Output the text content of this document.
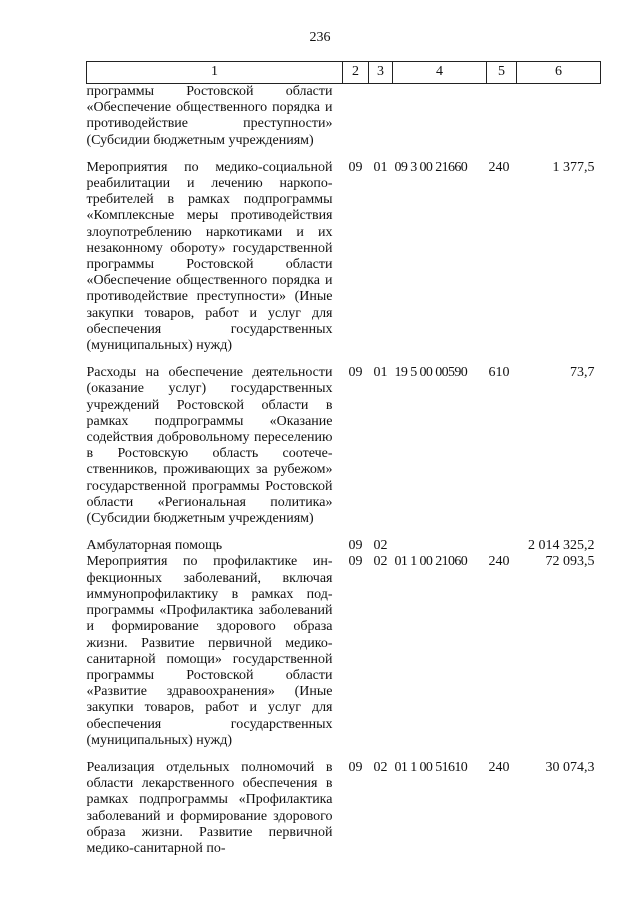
236
1	2	3	4	5	6
программы Ростовской области «Обеспечение общественного порядка и противодействие преступности» (Субсидии бюджетным учреждениям)					
Мероприятия по медико-социальной реабилитации и лечению наркопотребителей в рамках подпрограммы «Комплексные меры противодействия злоупотреблению наркотиками и их незаконному обороту» государственной программы Ростовской области «Обеспечение общественного порядка и противодействие преступности» (Иные закупки товаров, работ и услуг для обеспечения государственных (муниципальных) нужд)	09	01	09 3 00 21660	240	1 377,5
Расходы на обеспечение деятельности (оказание услуг) государственных учреждений Ростовской области в рамках подпрограммы «Оказание содействия добровольному переселению в Ростовскую область соотечественников, проживающих за рубежом» государственной программы Ростовской области «Региональная политика» (Субсидии бюджетным учреждениям)	09	01	19 5 00 00590	610	73,7
Амбулаторная помощь	09	02			2 014 325,2
Мероприятия по профилактике инфекционных заболеваний, включая иммунопрофилактику в рамках подпрограммы «Профилактика заболеваний и формирование здорового образа жизни. Развитие первичной медико-санитарной помощи» государственной программы Ростовской области «Развитие здравоохранения» (Иные закупки товаров, работ и услуг для обеспечения государственных (муниципальных) нужд)	09	02	01 1 00 21060	240	72 093,5
Реализация отдельных полномочий в области лекарственного обеспечения в рамках подпрограммы «Профилактика заболеваний и формирование здорового образа жизни. Развитие первичной медико-санитарной по-	09	02	01 1 00 51610	240	30 074,3
